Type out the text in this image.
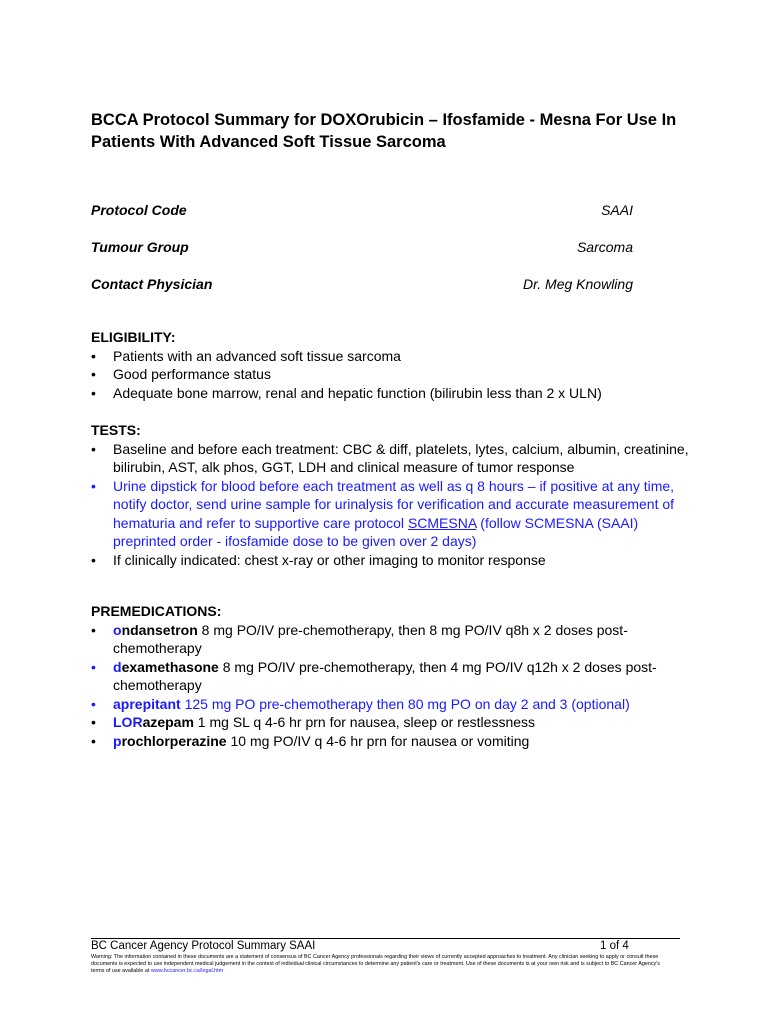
BCCA Protocol Summary for DOXOrubicin – Ifosfamide - Mesna For Use In Patients With Advanced Soft Tissue Sarcoma
Protocol Code	SAAI
Tumour Group	Sarcoma
Contact Physician	Dr. Meg Knowling
ELIGIBILITY:
• Patients with an advanced soft tissue sarcoma
• Good performance status
• Adequate bone marrow, renal and hepatic function (bilirubin less than 2 x ULN)
TESTS:
• Baseline and before each treatment: CBC & diff, platelets, lytes, calcium, albumin, creatinine, bilirubin, AST, alk phos, GGT, LDH and clinical measure of tumor response
• Urine dipstick for blood before each treatment as well as q 8 hours – if positive at any time, notify doctor, send urine sample for urinalysis for verification and accurate measurement of hematuria and refer to supportive care protocol SCMESNA (follow SCMESNA (SAAI) preprinted order - ifosfamide dose to be given over 2 days)
• If clinically indicated: chest x-ray or other imaging to monitor response
PREMEDICATIONS:
• ondansetron 8 mg PO/IV pre-chemotherapy, then 8 mg PO/IV q8h x 2 doses post-chemotherapy
• dexamethasone 8 mg PO/IV pre-chemotherapy, then 4 mg PO/IV q12h x 2 doses post-chemotherapy
• aprepitant 125 mg PO pre-chemotherapy then 80 mg PO on day 2 and 3 (optional)
• LORazepam 1 mg SL q 4-6 hr prn for nausea, sleep or restlessness
• prochlorperazine 10 mg PO/IV q 4-6 hr prn for nausea or vomiting
BC Cancer Agency Protocol Summary SAAI	1 of 4
Warning: The information contained in these documents are a statement of consensus of BC Cancer Agency professionals regarding their views of currently accepted approaches to treatment. Any clinician seeking to apply or consult these documents is expected to use independent medical judgement in the context of individual clinical circumstances to determine any patient's care or treatment. Use of these documents is at your own risk and is subject to BC Cancer Agency's terms of use available at www.bccancer.bc.ca/legal.htm
